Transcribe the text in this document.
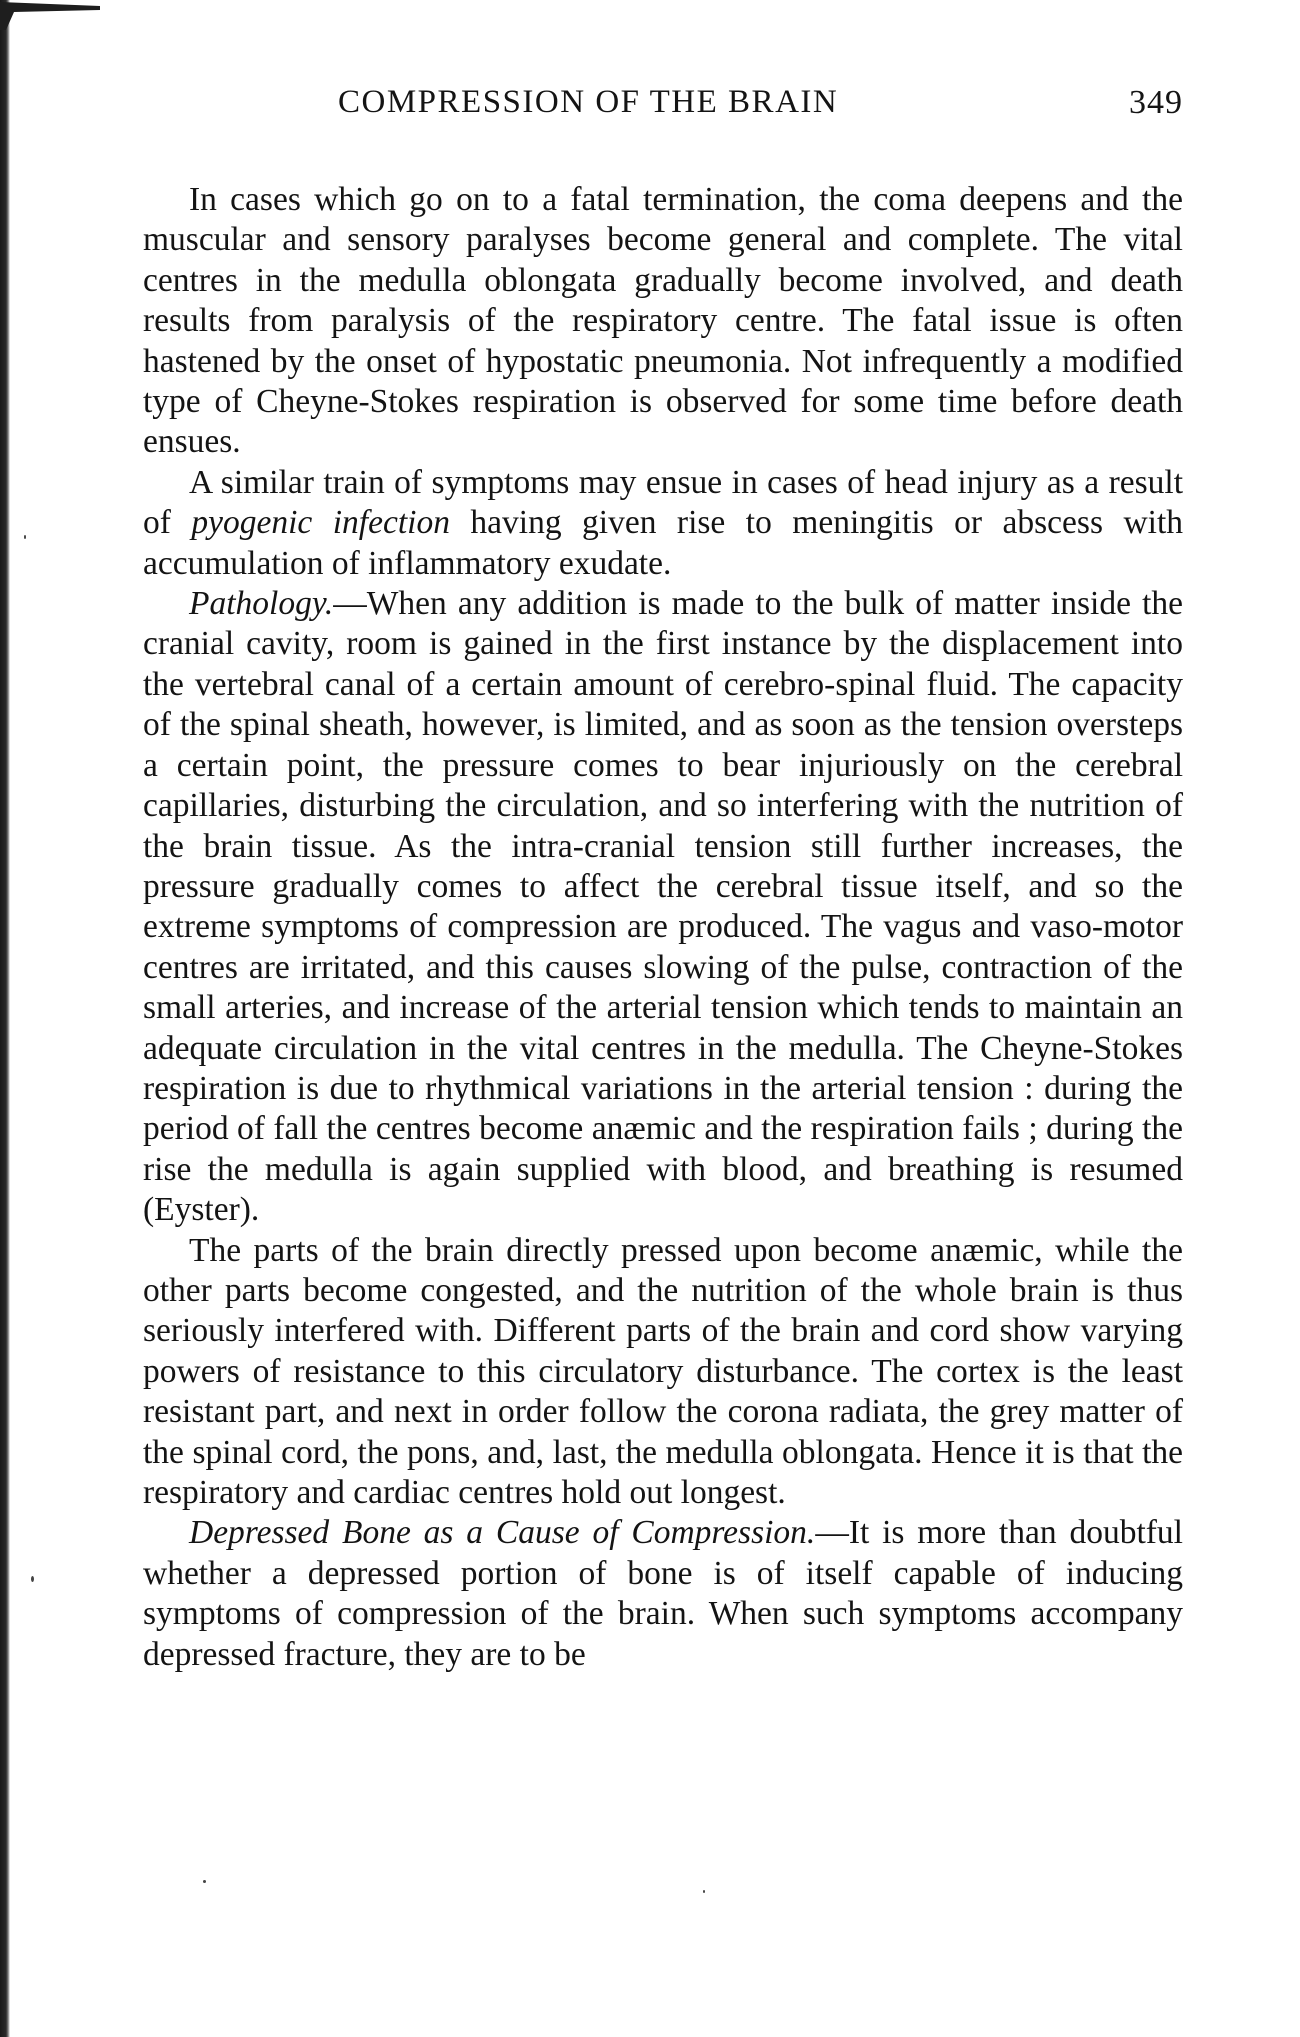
COMPRESSION OF THE BRAIN	349

In cases which go on to a fatal termination, the coma deepens and the muscular and sensory paralyses become general and complete. The vital centres in the medulla oblongata gradually become involved, and death results from paralysis of the respiratory centre. The fatal issue is often hastened by the onset of hypostatic pneumonia. Not infrequently a modified type of Cheyne-Stokes respiration is observed for some time before death ensues.

A similar train of symptoms may ensue in cases of head injury as a result of pyogenic infection having given rise to meningitis or abscess with accumulation of inflammatory exudate.

Pathology.—When any addition is made to the bulk of matter inside the cranial cavity, room is gained in the first instance by the displacement into the vertebral canal of a certain amount of cerebro-spinal fluid. The capacity of the spinal sheath, however, is limited, and as soon as the tension oversteps a certain point, the pressure comes to bear injuriously on the cerebral capillaries, disturbing the circulation, and so interfering with the nutrition of the brain tissue. As the intra-cranial tension still further increases, the pressure gradually comes to affect the cerebral tissue itself, and so the extreme symptoms of compression are produced. The vagus and vaso-motor centres are irritated, and this causes slowing of the pulse, contraction of the small arteries, and increase of the arterial tension which tends to maintain an adequate circulation in the vital centres in the medulla. The Cheyne-Stokes respiration is due to rhythmical variations in the arterial tension : during the period of fall the centres become anæmic and the respiration fails ; during the rise the medulla is again supplied with blood, and breathing is resumed (Eyster).

The parts of the brain directly pressed upon become anæmic, while the other parts become congested, and the nutrition of the whole brain is thus seriously interfered with. Different parts of the brain and cord show varying powers of resistance to this circulatory disturbance. The cortex is the least resistant part, and next in order follow the corona radiata, the grey matter of the spinal cord, the pons, and, last, the medulla oblongata. Hence it is that the respiratory and cardiac centres hold out longest.

Depressed Bone as a Cause of Compression.—It is more than doubtful whether a depressed portion of bone is of itself capable of inducing symptoms of compression of the brain. When such symptoms accompany depressed fracture, they are to be
